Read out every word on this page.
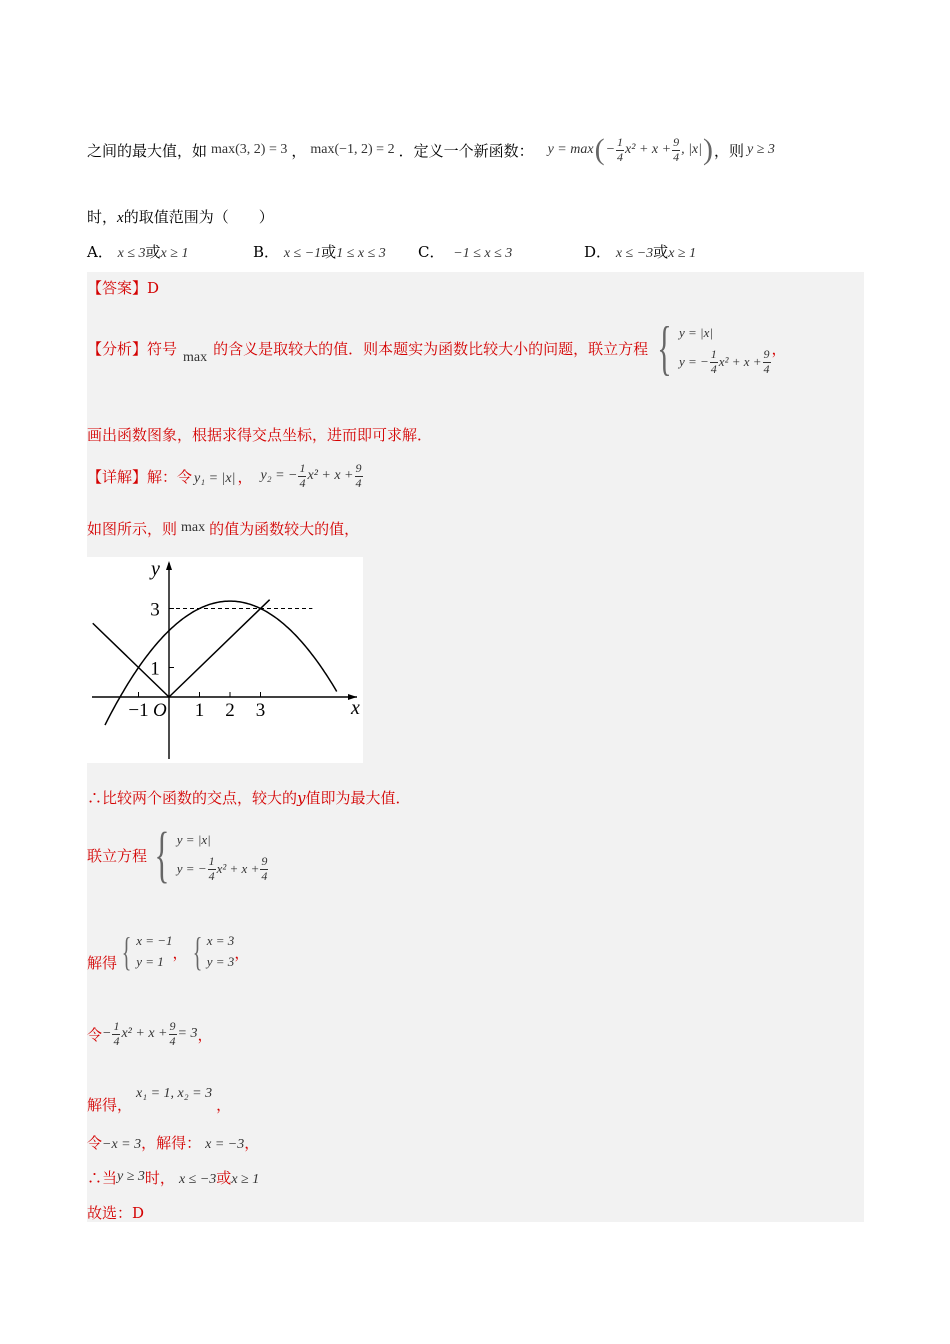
之间的最大值，如 max(3, 2) = 3 ， max(−1, 2) = 2 ．定义一个新函数： y = max ( − $\frac{1}{4} x^2 + x + \frac{9}{4}$ , |x| ) ，则 y ≥ 3
时，x的取值范围为（　　）
A． x ≤ 3或x ≥ 1	B． x ≤ −1或1 ≤ x ≤ 3 C． −1 ≤ x ≤ 3	D． x ≤ −3或x ≥ 1
【答案】D
【分析】 符号 max 的含义是取较大的值．则本题实为函数比较大小的问题，联立方程 { y = |x|
y = − $\frac{1}{4} x^2 + x + \frac{9}{4}$ ，
画出函数图象，根据求得交点坐标，进而即可求解．
【详解】 解：令 y₁ = |x| ， y₂ = − $\frac{1}{4} x^2 + x + \frac{9}{4}$
如图所示，则 max 的值为函数较大的值，
x
y
O
−1 1 2 3
1
3
∴比较两个函数的交点，较大的y值即为最大值．
联立方程 { y = |x|
y = − $\frac{1}{4} x^2 + x + \frac{9}{4}$
解得 { x = −1
y = 1 ， { x = 3
y = 3 ，
令 − $\frac{1}{4} x^2 + x + \frac{9}{4} = 3$ ，
解得，
x₁ = 1, x₂ = 3
，
令−x = 3，解得： x = −3，
∴当y ≥ 3时， x ≤ −3或x ≥ 1
故选：D
